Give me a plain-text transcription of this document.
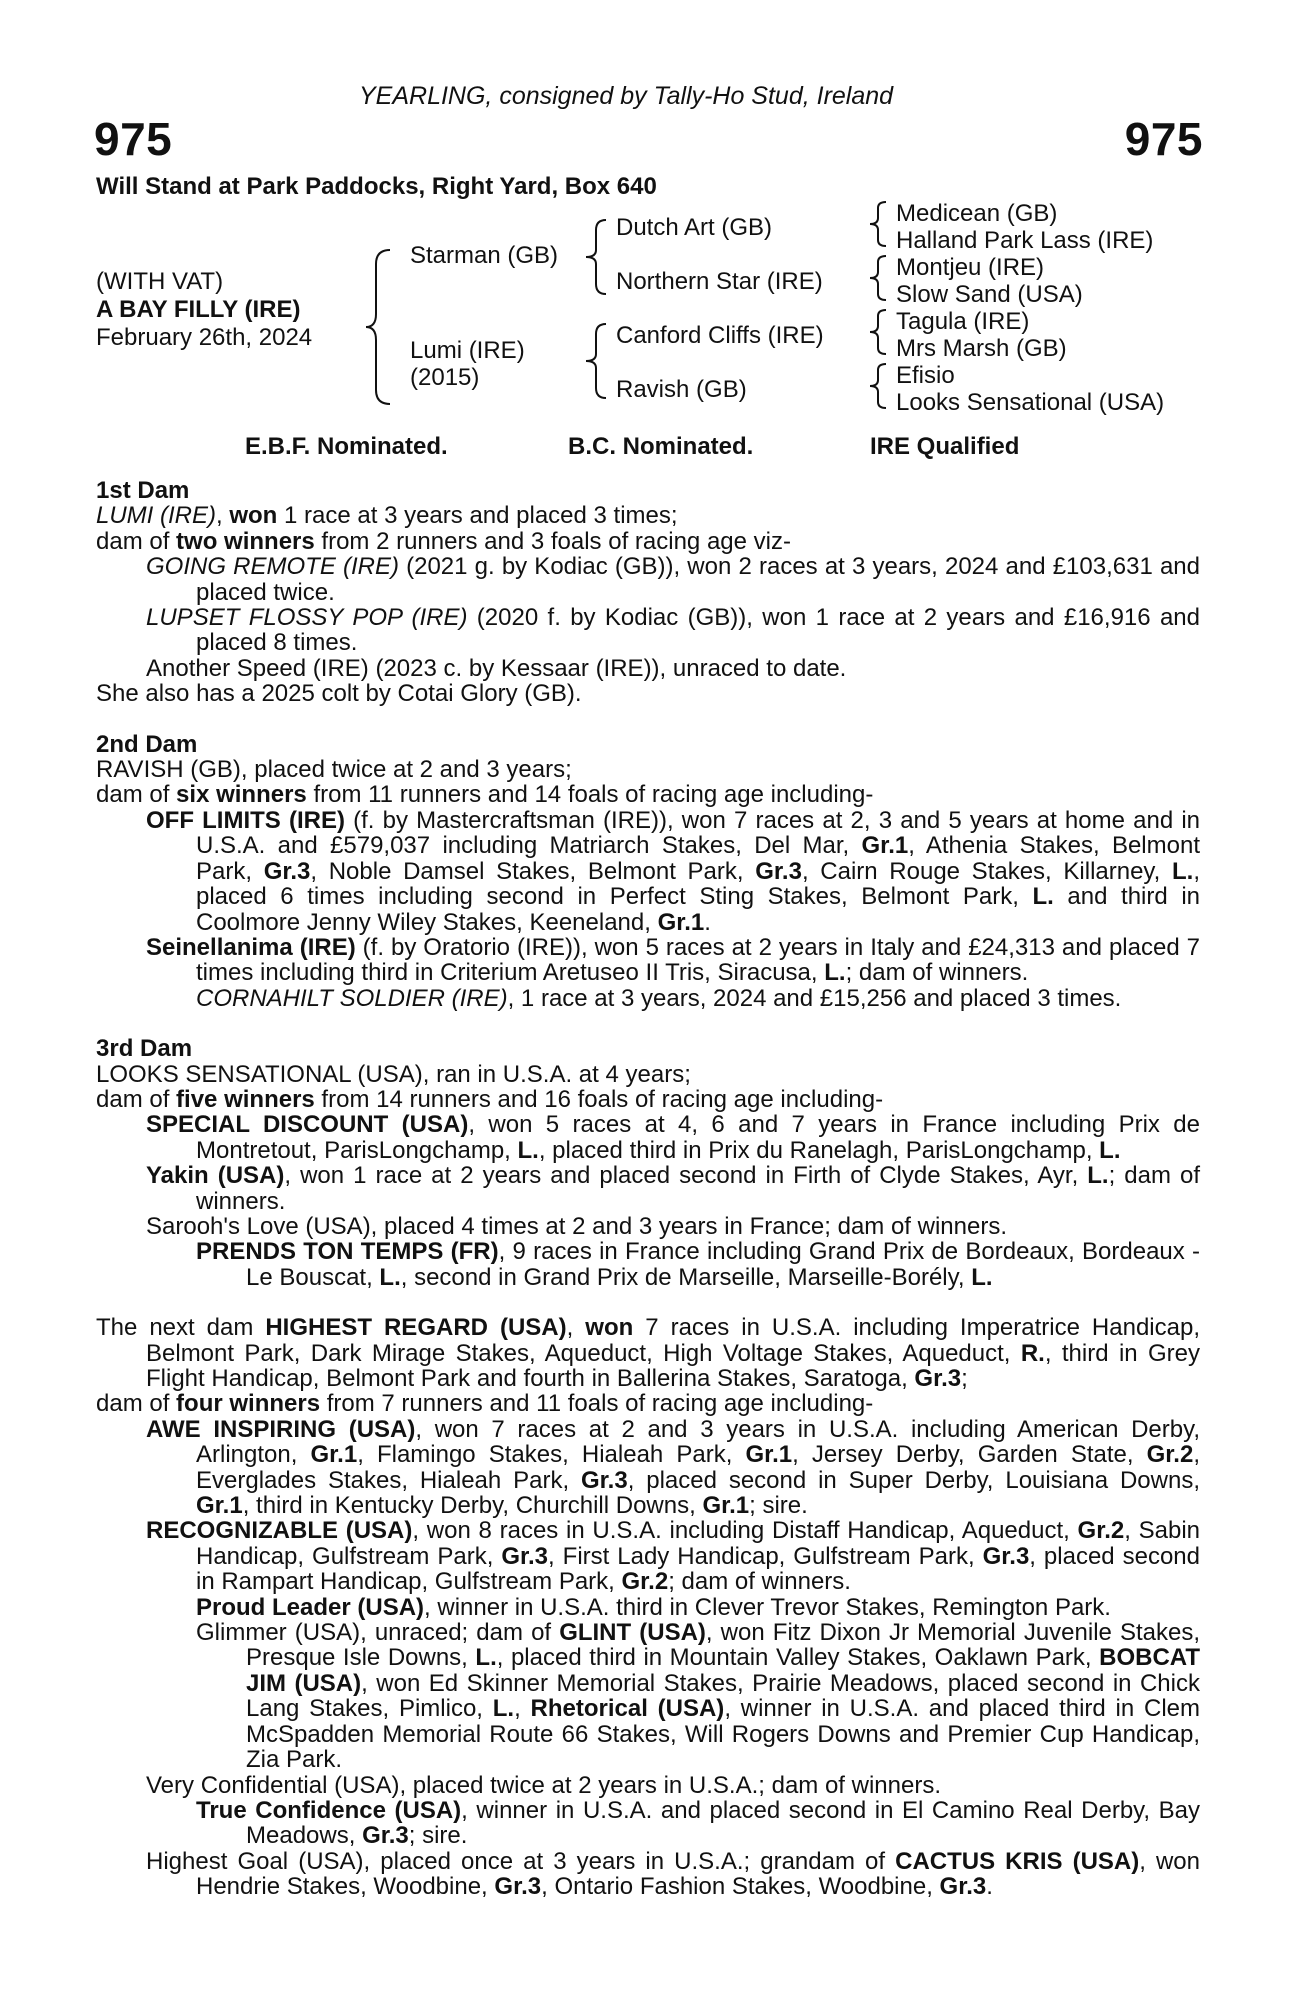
YEARLING, consigned by Tally-Ho Stud, Ireland
975	975
Will Stand at Park Paddocks, Right Yard, Box 640
(WITH VAT)
A BAY FILLY (IRE)
February 26th, 2024
Starman (GB)
Lumi (IRE)
(2015)
Dutch Art (GB)
Northern Star (IRE)
Canford Cliffs (IRE)
Ravish (GB)
Medicean (GB)
Halland Park Lass (IRE)
Montjeu (IRE)
Slow Sand (USA)
Tagula (IRE)
Mrs Marsh (GB)
Efisio
Looks Sensational (USA)
E.B.F. Nominated.	B.C. Nominated.	IRE Qualified

1st Dam

LUMI (IRE), won 1 race at 3 years and placed 3 times;

dam of two winners from 2 runners and 3 foals of racing age viz-

GOING REMOTE (IRE) (2021 g. by Kodiac (GB)), won 2 races at 3 years, 2024 and £103,631 and placed twice.

LUPSET FLOSSY POP (IRE) (2020 f. by Kodiac (GB)), won 1 race at 2 years and £16,916 and placed 8 times.

Another Speed (IRE) (2023 c. by Kessaar (IRE)), unraced to date.

She also has a 2025 colt by Cotai Glory (GB).

2nd Dam

RAVISH (GB), placed twice at 2 and 3 years;

dam of six winners from 11 runners and 14 foals of racing age including-

OFF LIMITS (IRE) (f. by Mastercraftsman (IRE)), won 7 races at 2, 3 and 5 years at home and in U.S.A. and £579,037 including Matriarch Stakes, Del Mar, Gr.1, Athenia Stakes, Belmont Park, Gr.3, Noble Damsel Stakes, Belmont Park, Gr.3, Cairn Rouge Stakes, Killarney, L., placed 6 times including second in Perfect Sting Stakes, Belmont Park, L. and third in Coolmore Jenny Wiley Stakes, Keeneland, Gr.1.

Seinellanima (IRE) (f. by Oratorio (IRE)), won 5 races at 2 years in Italy and £24,313 and placed 7 times including third in Criterium Aretuseo II Tris, Siracusa, L.; dam of winners.

CORNAHILT SOLDIER (IRE), 1 race at 3 years, 2024 and £15,256 and placed 3 times.

3rd Dam

LOOKS SENSATIONAL (USA), ran in U.S.A. at 4 years;

dam of five winners from 14 runners and 16 foals of racing age including-

SPECIAL DISCOUNT (USA), won 5 races at 4, 6 and 7 years in France including Prix de Montretout, ParisLongchamp, L., placed third in Prix du Ranelagh, ParisLongchamp, L.

Yakin (USA), won 1 race at 2 years and placed second in Firth of Clyde Stakes, Ayr, L.; dam of winners.

Sarooh's Love (USA), placed 4 times at 2 and 3 years in France; dam of winners.

PRENDS TON TEMPS (FR), 9 races in France including Grand Prix de Bordeaux, Bordeaux - Le Bouscat, L., second in Grand Prix de Marseille, Marseille-Borély, L.

The next dam HIGHEST REGARD (USA), won 7 races in U.S.A. including Imperatrice Handicap, Belmont Park, Dark Mirage Stakes, Aqueduct, High Voltage Stakes, Aqueduct, R., third in Grey Flight Handicap, Belmont Park and fourth in Ballerina Stakes, Saratoga, Gr.3;

dam of four winners from 7 runners and 11 foals of racing age including-

AWE INSPIRING (USA), won 7 races at 2 and 3 years in U.S.A. including American Derby, Arlington, Gr.1, Flamingo Stakes, Hialeah Park, Gr.1, Jersey Derby, Garden State, Gr.2, Everglades Stakes, Hialeah Park, Gr.3, placed second in Super Derby, Louisiana Downs, Gr.1, third in Kentucky Derby, Churchill Downs, Gr.1; sire.

RECOGNIZABLE (USA), won 8 races in U.S.A. including Distaff Handicap, Aqueduct, Gr.2, Sabin Handicap, Gulfstream Park, Gr.3, First Lady Handicap, Gulfstream Park, Gr.3, placed second in Rampart Handicap, Gulfstream Park, Gr.2; dam of winners.

Proud Leader (USA), winner in U.S.A. third in Clever Trevor Stakes, Remington Park.

Glimmer (USA), unraced; dam of GLINT (USA), won Fitz Dixon Jr Memorial Juvenile Stakes, Presque Isle Downs, L., placed third in Mountain Valley Stakes, Oaklawn Park, BOBCAT JIM (USA), won Ed Skinner Memorial Stakes, Prairie Meadows, placed second in Chick Lang Stakes, Pimlico, L., Rhetorical (USA), winner in U.S.A. and placed third in Clem McSpadden Memorial Route 66 Stakes, Will Rogers Downs and Premier Cup Handicap, Zia Park.

Very Confidential (USA), placed twice at 2 years in U.S.A.; dam of winners.

True Confidence (USA), winner in U.S.A. and placed second in El Camino Real Derby, Bay Meadows, Gr.3; sire.

Highest Goal (USA), placed once at 3 years in U.S.A.; grandam of CACTUS KRIS (USA), won Hendrie Stakes, Woodbine, Gr.3, Ontario Fashion Stakes, Woodbine, Gr.3.
